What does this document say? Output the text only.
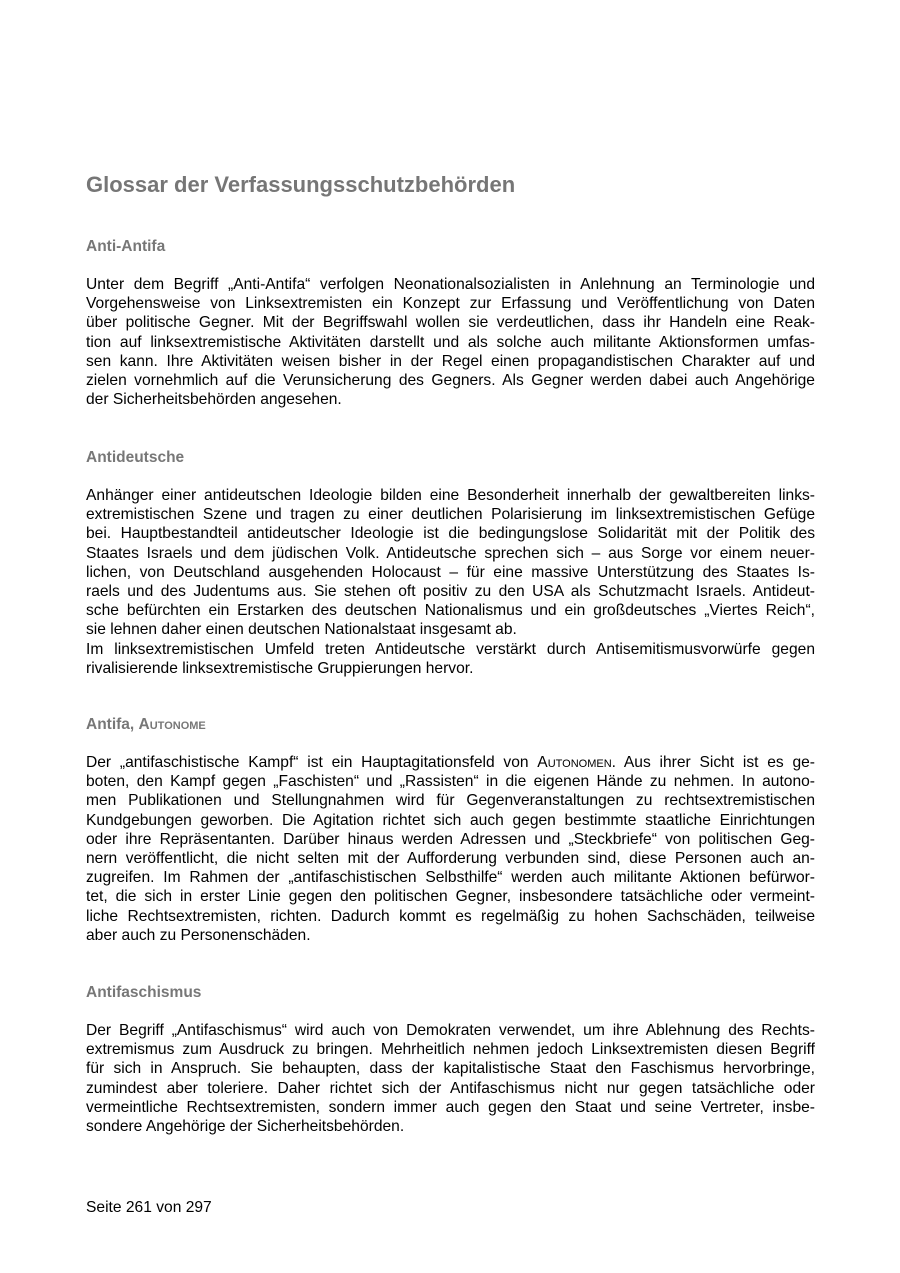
Glossar der Verfassungsschutzbehörden
Anti-Antifa
Unter dem Begriff „Anti-Antifa“ verfolgen Neonationalsozialisten in Anlehnung an Terminologie und
Vorgehensweise von Linksextremisten ein Konzept zur Erfassung und Veröffentlichung von Daten
über politische Gegner. Mit der Begriffswahl wollen sie verdeutlichen, dass ihr Handeln eine Reak-
tion auf linksextremistische Aktivitäten darstellt und als solche auch militante Aktionsformen umfas-
sen kann. Ihre Aktivitäten weisen bisher in der Regel einen propagandistischen Charakter auf und
zielen vornehmlich auf die Verunsicherung des Gegners. Als Gegner werden dabei auch Angehörige
der Sicherheitsbehörden angesehen.
Antideutsche
Anhänger einer antideutschen Ideologie bilden eine Besonderheit innerhalb der gewaltbereiten links-
extremistischen Szene und tragen zu einer deutlichen Polarisierung im linksextremistischen Gefüge
bei. Hauptbestandteil antideutscher Ideologie ist die bedingungslose Solidarität mit der Politik des
Staates Israels und dem jüdischen Volk. Antideutsche sprechen sich – aus Sorge vor einem neuer-
lichen, von Deutschland ausgehenden Holocaust – für eine massive Unterstützung des Staates Is-
raels und des Judentums aus. Sie stehen oft positiv zu den USA als Schutzmacht Israels. Antideut-
sche befürchten ein Erstarken des deutschen Nationalismus und ein großdeutsches „Viertes Reich“,
sie lehnen daher einen deutschen Nationalstaat insgesamt ab.
Im linksextremistischen Umfeld treten Antideutsche verstärkt durch Antisemitismusvorwürfe gegen
rivalisierende linksextremistische Gruppierungen hervor.
Antifa, Autonome
Der „antifaschistische Kampf“ ist ein Hauptagitationsfeld von Autonomen. Aus ihrer Sicht ist es ge-
boten, den Kampf gegen „Faschisten“ und „Rassisten“ in die eigenen Hände zu nehmen. In autono-
men Publikationen und Stellungnahmen wird für Gegenveranstaltungen zu rechtsextremistischen
Kundgebungen geworben. Die Agitation richtet sich auch gegen bestimmte staatliche Einrichtungen
oder ihre Repräsentanten. Darüber hinaus werden Adressen und „Steckbriefe“ von politischen Geg-
nern veröffentlicht, die nicht selten mit der Aufforderung verbunden sind, diese Personen auch an-
zugreifen. Im Rahmen der „antifaschistischen Selbsthilfe“ werden auch militante Aktionen befürwor-
tet, die sich in erster Linie gegen den politischen Gegner, insbesondere tatsächliche oder vermeint-
liche Rechtsextremisten, richten. Dadurch kommt es regelmäßig zu hohen Sachschäden, teilweise
aber auch zu Personenschäden.
Antifaschismus
Der Begriff „Antifaschismus“ wird auch von Demokraten verwendet, um ihre Ablehnung des Rechts-
extremismus zum Ausdruck zu bringen. Mehrheitlich nehmen jedoch Linksextremisten diesen Begriff
für sich in Anspruch. Sie behaupten, dass der kapitalistische Staat den Faschismus hervorbringe,
zumindest aber toleriere. Daher richtet sich der Antifaschismus nicht nur gegen tatsächliche oder
vermeintliche Rechtsextremisten, sondern immer auch gegen den Staat und seine Vertreter, insbe-
sondere Angehörige der Sicherheitsbehörden.
Seite 261 von 297
